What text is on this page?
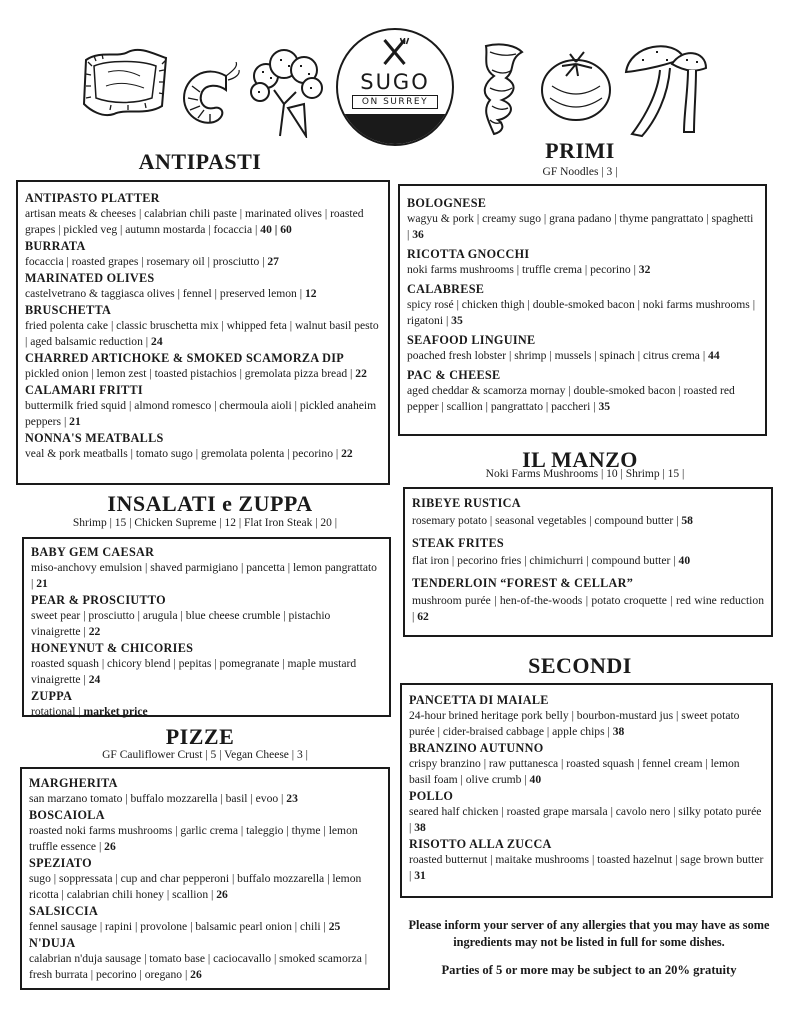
SUGO
ON SURREY
ANTIPASTI
ANTIPASTO PLATTER
artisan meats & cheeses | calabrian chili paste | marinated olives | roasted grapes | pickled veg | autumn mostarda | focaccia | 40 | 60
BURRATA
focaccia | roasted grapes | rosemary oil | prosciutto | 27
MARINATED OLIVES
castelvetrano & taggiasca olives | fennel | preserved lemon | 12
BRUSCHETTA
fried polenta cake | classic bruschetta mix | whipped feta | walnut basil pesto | aged balsamic reduction | 24
CHARRED ARTICHOKE & SMOKED SCAMORZA DIP
pickled onion | lemon zest | toasted pistachios | gremolata pizza bread | 22
CALAMARI FRITTI
buttermilk fried squid | almond romesco | chermoula aioli | pickled anaheim peppers | 21
NONNA'S MEATBALLS
veal & pork meatballs | tomato sugo | gremolata polenta | pecorino | 22
INSALATI e ZUPPA
Shrimp | 15 | Chicken Supreme | 12 | Flat Iron Steak | 20 |
BABY GEM CAESAR
miso-anchovy emulsion | shaved parmigiano | pancetta | lemon pangrattato | 21
PEAR & PROSCIUTTO
sweet pear | prosciutto | arugula | blue cheese crumble | pistachio vinaigrette | 22
HONEYNUT & CHICORIES
roasted squash | chicory blend | pepitas | pomegranate | maple mustard vinaigrette | 24
ZUPPA
rotational | market price
PIZZE
GF Cauliflower Crust | 5 | Vegan Cheese | 3 |
MARGHERITA
san marzano tomato | buffalo mozzarella | basil | evoo | 23
BOSCAIOLA
roasted noki farms mushrooms | garlic crema | taleggio | thyme | lemon truffle essence | 26
SPEZIATO
sugo | soppressata | cup and char pepperoni | buffalo mozzarella | lemon ricotta | calabrian chili honey | scallion | 26
SALSICCIA
fennel sausage | rapini | provolone | balsamic pearl onion | chili | 25
N'DUJA
calabrian n'duja sausage | tomato base | caciocavallo | smoked scamorza | fresh burrata | pecorino | oregano | 26
PRIMI
GF Noodles | 3 |
BOLOGNESE
wagyu & pork | creamy sugo | grana padano | thyme pangrattato | spaghetti | 36
RICOTTA GNOCCHI
noki farms mushrooms | truffle crema | pecorino | 32
CALABRESE
spicy rosé | chicken thigh | double-smoked bacon | noki farms mushrooms | rigatoni | 35
SEAFOOD LINGUINE
poached fresh lobster | shrimp | mussels | spinach | citrus crema | 44
PAC & CHEESE
aged cheddar & scamorza mornay | double-smoked bacon | roasted red pepper | scallion | pangrattato | paccheri | 35
IL MANZO
Noki Farms Mushrooms | 10 | Shrimp | 15 |
RIBEYE RUSTICA
rosemary potato | seasonal vegetables | compound butter | 58
STEAK FRITES
flat iron | pecorino fries | chimichurri | compound butter | 40
TENDERLOIN “FOREST & CELLAR”
mushroom purée | hen-of-the-woods | potato croquette | red wine reduction | 62
SECONDI
PANCETTA DI MAIALE
24-hour brined heritage pork belly | bourbon-mustard jus | sweet potato purée | cider-braised cabbage | apple chips | 38
BRANZINO AUTUNNO
crispy branzino | raw puttanesca | roasted squash | fennel cream | lemon basil foam | olive crumb | 40
POLLO
seared half chicken | roasted grape marsala | cavolo nero | silky potato purée | 38
RISOTTO ALLA ZUCCA
roasted butternut | maitake mushrooms | toasted hazelnut | sage brown butter | 31
Please inform your server of any allergies that you may have as some ingredients may not be listed in full for some dishes.
Parties of 5 or more may be subject to an 20% gratuity
